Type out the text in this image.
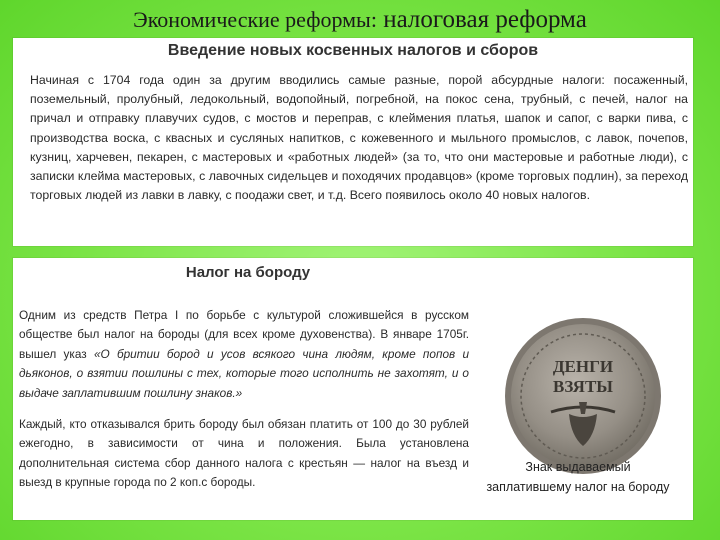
Экономические реформы: налоговая реформа
Введение новых косвенных налогов и сборов
Начиная с 1704 года один за другим вводились самые разные, порой абсурдные налоги: посаженный, поземельный, пролубный, ледокольный, водопойный, погребной, на покос сена, трубный, с печей, налог на причал и отправку плавучих судов, с мостов и переправ, с клеймения платья, шапок и сапог, с варки пива, с производства воска, с квасных и сусляных напитков, с кожевенного и мыльного промыслов, с лавок, почепов, кузниц, харчевен, пекарен, с мастеровых и «работных людей» (за то, что они мастеровые и работные люди), с записки клейма мастеровых, с лавочных сидельцев и походячих продавцов» (кроме торговых подлин), за переход торговых людей из лавки в лавку, с поодажи свет, и т.д. Всего появилось около 40 новых налогов.
Налог на бороду

Одним из средств Петра I по борьбе с культурой сложившейся в русском обществе был налог на бороды (для всех кроме духовенства). В январе 1705г. вышел указ «О бритии бород и усов всякого чина людям, кроме попов и дьяконов, о взятии пошлины с тех, которые того исполнить не захотят, и о выдаче заплатившим пошлину знаков.»

Каждый, кто отказывался брить бороду был обязан платить от 100 до 30 рублей ежегодно, в зависимости от чина и положения. Была установлена дополнительная система сбор данного налога с крестьян — налог на въезд и выезд в крупные города по 2 коп.с бороды.

ДЕНГИ
ВЗЯТЫ
Знак выдаваемый
заплатившему налог на бороду
